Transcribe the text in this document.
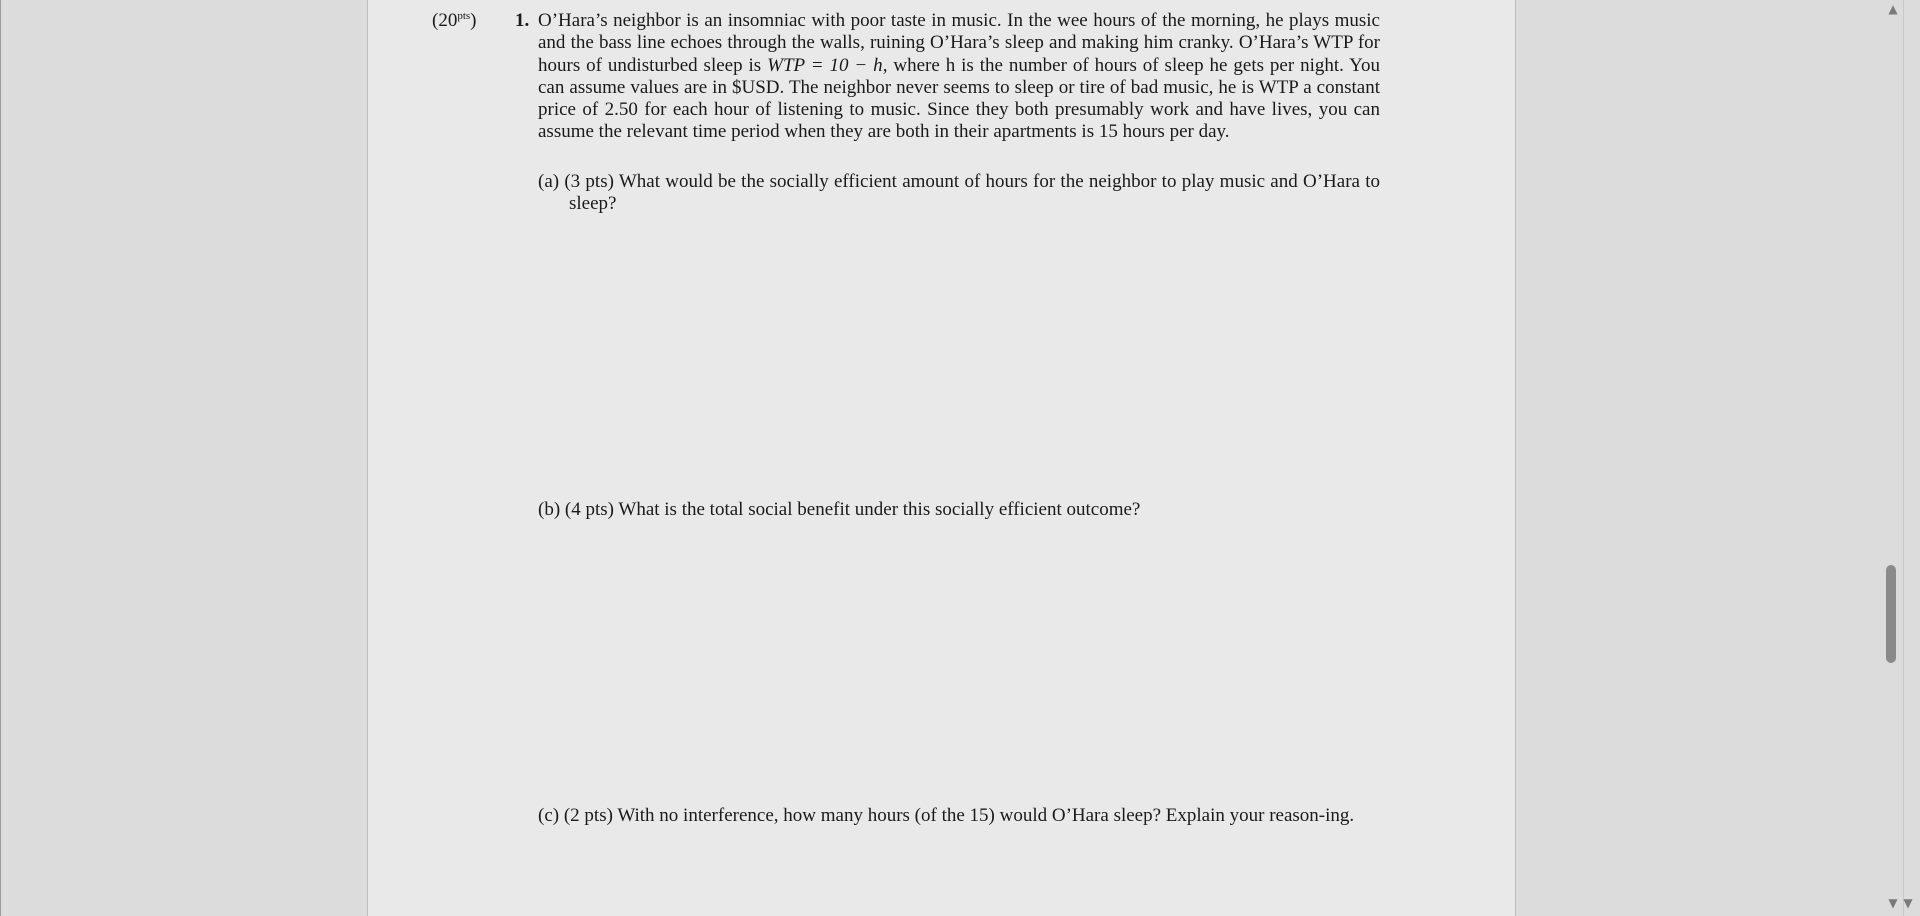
$(20^{pts})$ 1. O’Hara’s neighbor is an insomniac with poor taste in music. In the wee hours of the morning, he plays music and the bass line echoes through the walls, ruining O’Hara’s sleep and making him cranky. O’Hara’s WTP for hours of undisturbed sleep is WTP = 10 − h, where h is the number of hours of sleep he gets per night. You can assume values are in $USD. The neighbor never seems to sleep or tire of bad music, he is WTP a constant price of 2.50 for each hour of listening to music. Since they both presumably work and have lives, you can assume the relevant time period when they are both in their apartments is 15 hours per day.
(a) (3 pts) What would be the socially efficient amount of hours for the neighbor to play music and O’Hara to sleep?
(b) (4 pts) What is the total social benefit under this socially efficient outcome?
(c) (2 pts) With no interference, how many hours (of the 15) would O’Hara sleep? Explain your reason-ing.
▲
▼ ▼
